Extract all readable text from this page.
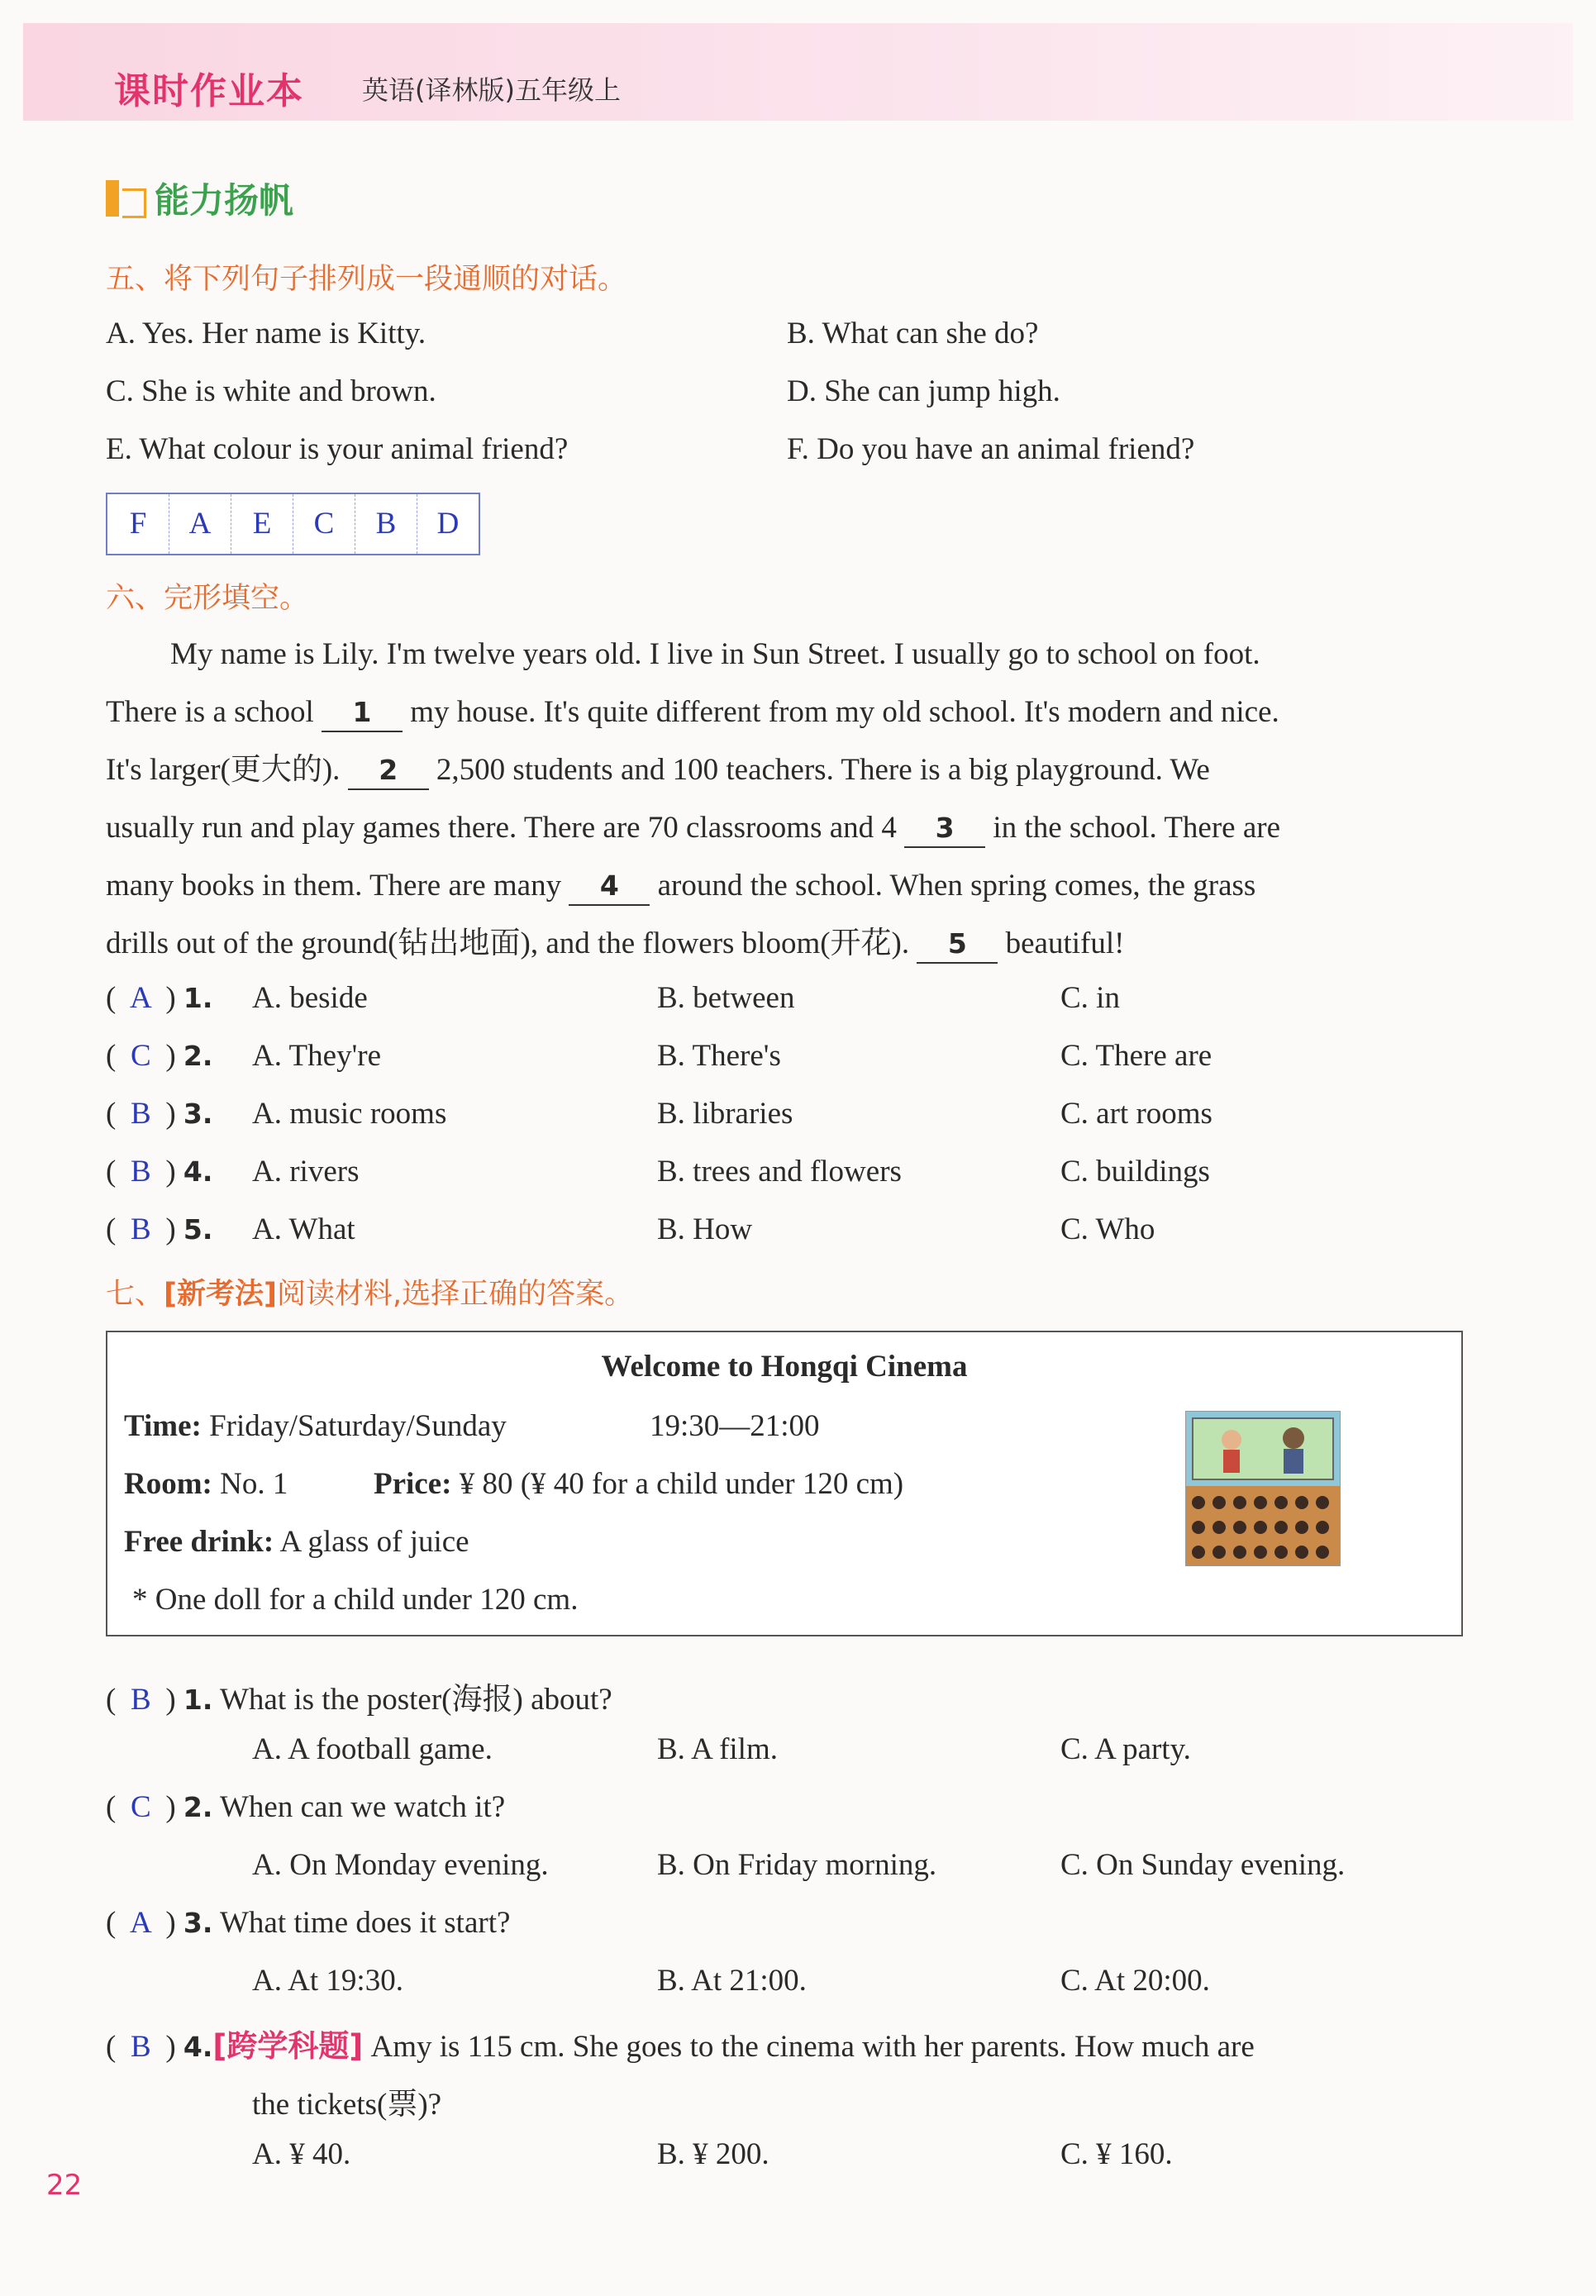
课时作业本 英语(译林版)五年级上
能力扬帆
五、将下列句子排列成一段通顺的对话。
A. Yes. Her name is Kitty.	B. What can she do?
C. She is white and brown.	D. She can jump high.
E. What colour is your animal friend?	F. Do you have an animal friend?
F	A	E	C	B	D
六、完形填空。
My name is Lily. I'm twelve years old. I live in Sun Street. I usually go to school on foot.
There is a school 1 my house. It's quite different from my old school. It's modern and nice.
It's larger(更大的). 2 2,500 students and 100 teachers. There is a big playground. We
usually run and play games there. There are 70 classrooms and 4 3 in the school. There are
many books in them. There are many 4 around the school. When spring comes, the grass
drills out of the ground(钻出地面), and the flowers bloom(开花). 5 beautiful!
( A ) 1. A. beside	B. between	C. in
( C ) 2. A. They're	B. There's	C. There are
( B ) 3. A. music rooms	B. libraries	C. art rooms
( B ) 4. A. rivers	B. trees and flowers	C. buildings
( B ) 5. A. What	B. How	C. Who
七、[新考法]阅读材料,选择正确的答案。
Welcome to Hongqi Cinema
Time: Friday/Saturday/Sunday	19:30—21:00
Room: No. 1	Price: ¥ 80 (¥ 40 for a child under 120 cm)
Free drink: A glass of juice
* One doll for a child under 120 cm.
( B ) 1. What is the poster(海报) about?
A. A football game.	B. A film.	C. A party.
( C ) 2. When can we watch it?
A. On Monday evening.	B. On Friday morning.	C. On Sunday evening.
( A ) 3. What time does it start?
A. At 19:30.	B. At 21:00.	C. At 20:00.
( B ) 4.[跨学科题] Amy is 115 cm. She goes to the cinema with her parents. How much are
the tickets(票)?
A. ¥ 40.	B. ¥ 200.	C. ¥ 160.
22
